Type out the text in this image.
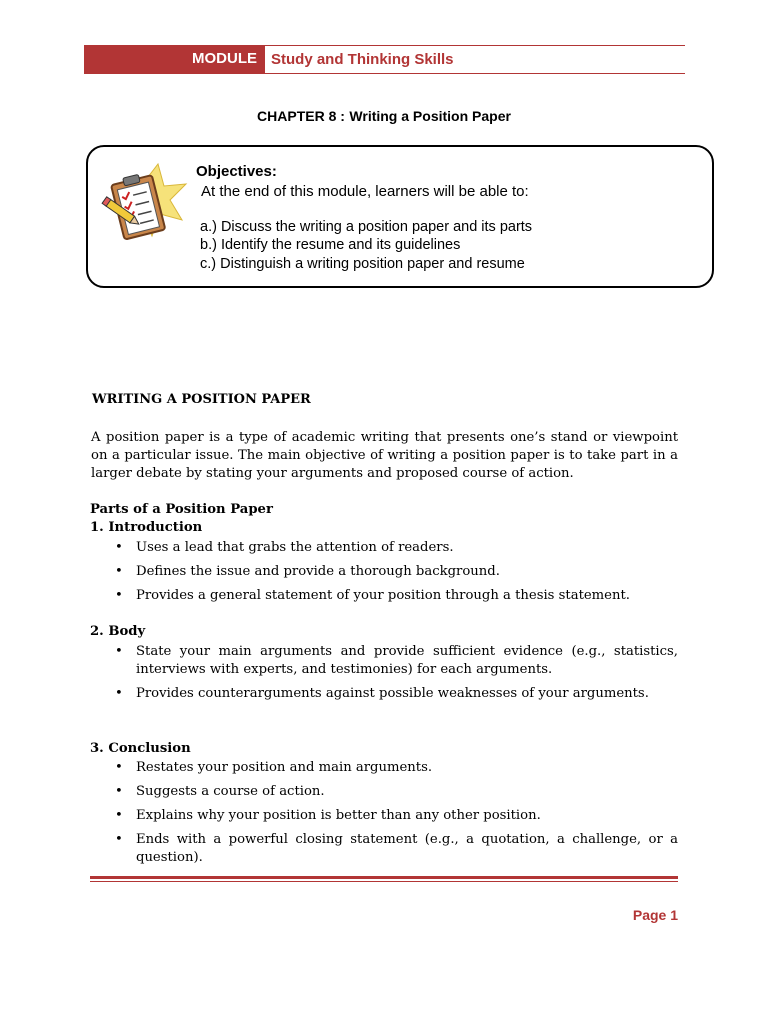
MODULE Study and Thinking Skills
CHAPTER 8 : Writing a Position Paper
Objectives:
At the end of this module, learners will be able to:
a.) Discuss the writing a position paper and its parts
b.) Identify the resume and its guidelines
c.) Distinguish a writing position paper and resume
WRITING A POSITION PAPER
A position paper is a type of academic writing that presents one’s stand or viewpoint on a particular issue. The main objective of writing a position paper is to take part in a larger debate by stating your arguments and proposed course of action.
Parts of a Position Paper
1. Introduction
• Uses a lead that grabs the attention of readers.
• Defines the issue and provide a thorough background.
• Provides a general statement of your position through a thesis statement.
2. Body
• State your main arguments and provide sufficient evidence (e.g., statistics, interviews with experts, and testimonies) for each arguments.
• Provides counterarguments against possible weaknesses of your arguments.
3. Conclusion
• Restates your position and main arguments.
• Suggests a course of action.
• Explains why your position is better than any other position.
• Ends with a powerful closing statement (e.g., a quotation, a challenge, or a question).
Page 1
